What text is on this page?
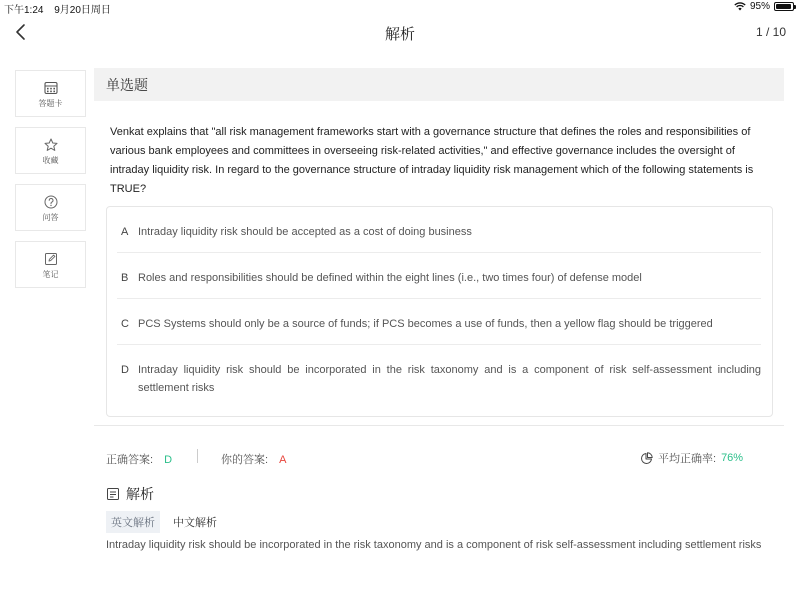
下午1:24 9月20日周日	95%
解析	1 / 10
答题卡
收藏
问答
笔记
单选题
Venkat explains that "all risk management frameworks start with a governance structure that defines the roles and responsibilities of various bank employees and committees in overseeing risk-related activities," and effective governance includes the oversight of intraday liquidity risk. In regard to the governance structure of intraday liquidity risk management which of the following statements is TRUE?
A Intraday liquidity risk should be accepted as a cost of doing business
B Roles and responsibilities should be defined within the eight lines (i.e., two times four) of defense model
C PCS Systems should only be a source of funds; if PCS becomes a use of funds, then a yellow flag should be triggered
D Intraday liquidity risk should be incorporated in the risk taxonomy and is a component of risk self-assessment including settlement risks
正确答案: D	你的答案: A	平均正确率: 76%
解析
英文解析	中文解析
Intraday liquidity risk should be incorporated in the risk taxonomy and is a component of risk self-assessment including settlement risks
